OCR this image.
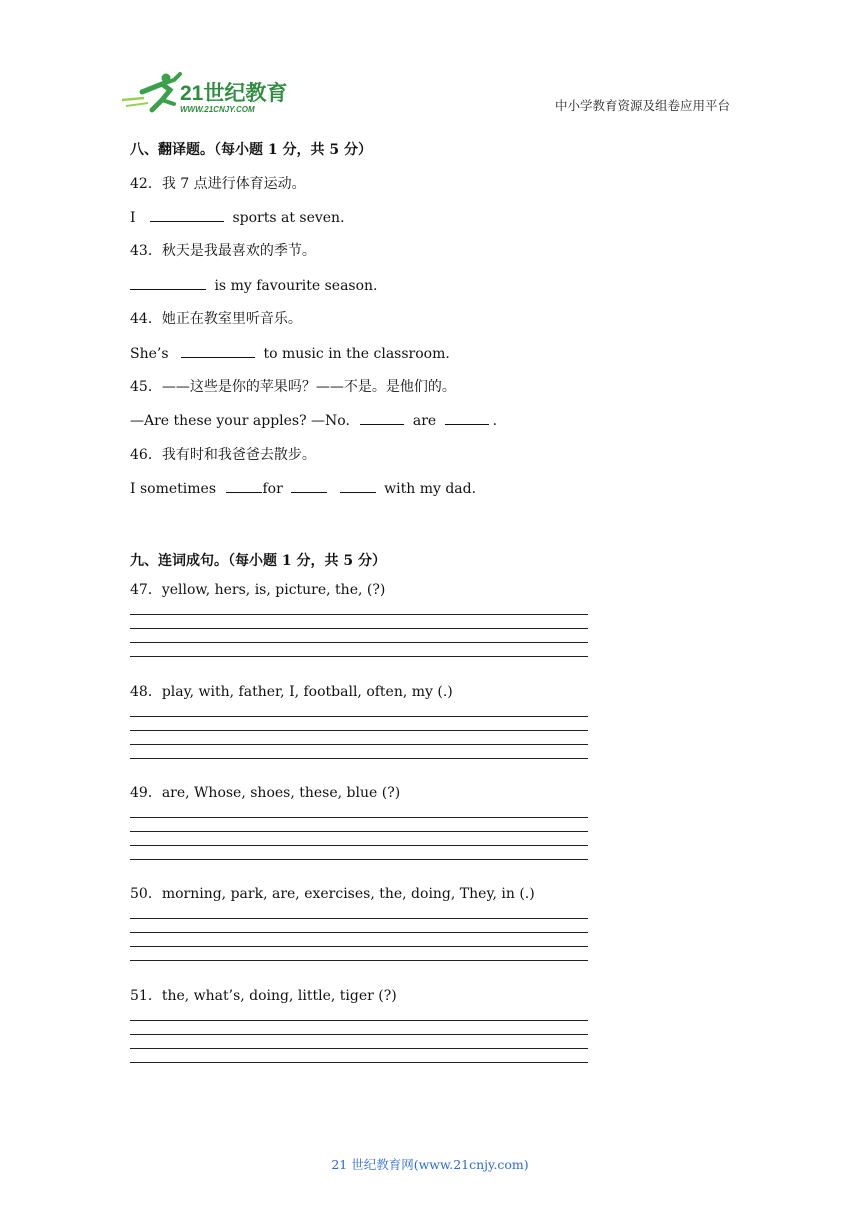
21世纪教育
WWW.21CNJY.COM	中小学教育资源及组卷应用平台
八、翻译题。（每小题 1 分，共 5 分）
42．我 7 点进行体育运动。
I	sports at seven.
43．秋天是我最喜欢的季节。
is my favourite season.
44．她正在教室里听音乐。
She’s	to music in the classroom.
45．——这些是你的苹果吗？——不是。是他们的。
—Are these your apples? —No.	are	.
46．我有时和我爸爸去散步。
I sometimes	for	with my dad.
九、连词成句。（每小题 1 分，共 5 分）
47．yellow, hers, is, picture, the, (?)
48．play, with, father, I, football, often, my (.)
49．are, Whose, shoes, these, blue (?)
50．morning, park, are, exercises, the, doing, They, in (.)
51．the, what’s, doing, little, tiger (?)
21 世纪教育网(www.21cnjy.com)
